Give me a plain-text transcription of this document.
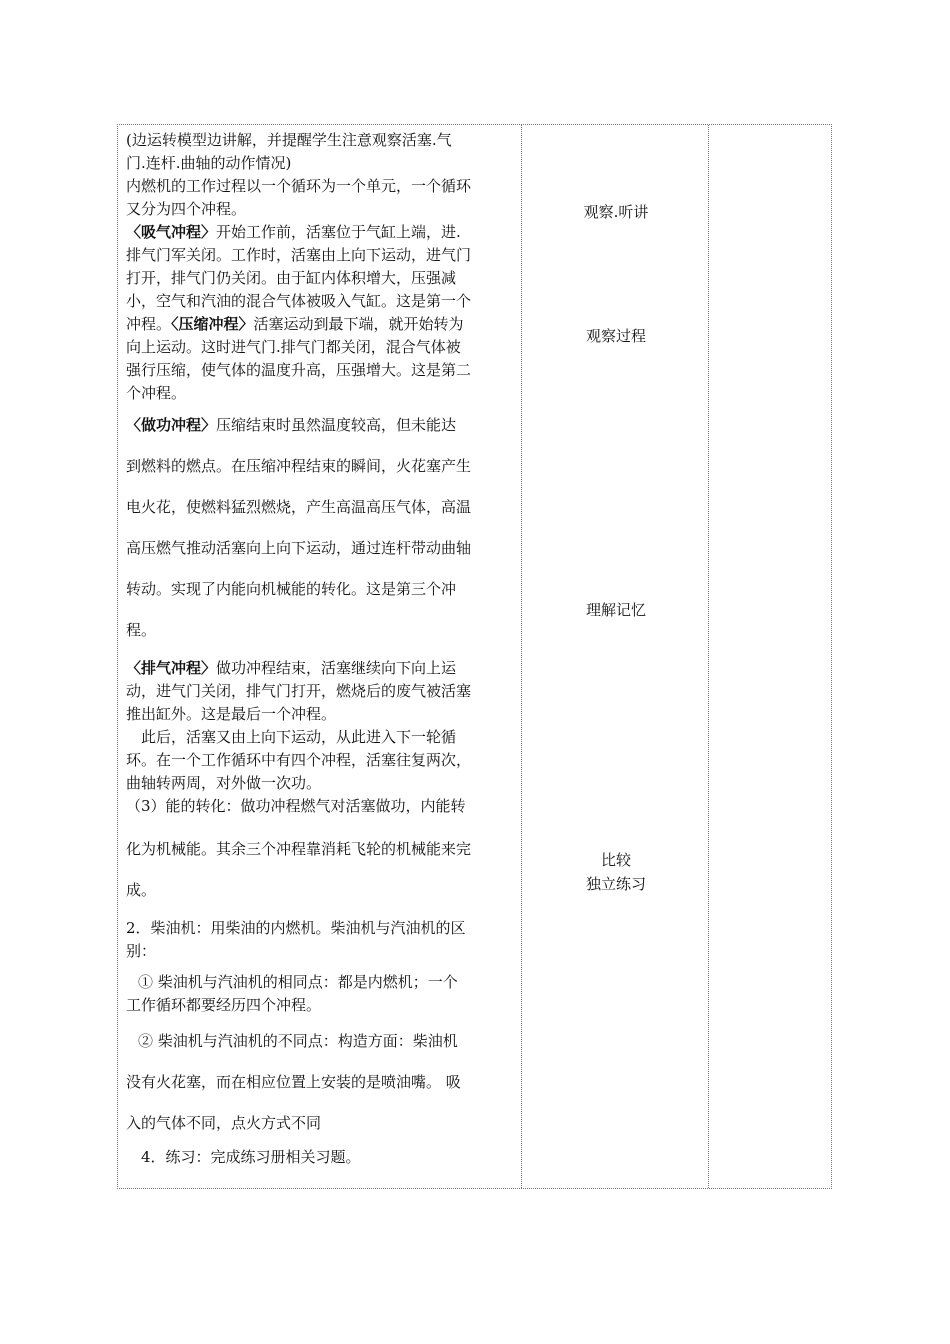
(边运转模型边讲解，并提醒学生注意观察活塞.气
门.连杆.曲轴的动作情况)
内燃机的工作过程以一个循环为一个单元，一个循环
又分为四个冲程。
〈吸气冲程〉开始工作前，活塞位于气缸上端，进.
排气门军关闭。工作时，活塞由上向下运动，进气门
打开，排气门仍关闭。由于缸内体积增大，压强减
小，空气和汽油的混合气体被吸入气缸。这是第一个
冲程。〈压缩冲程〉活塞运动到最下端，就开始转为
向上运动。这时进气门.排气门都关闭，混合气体被
强行压缩，使气体的温度升高，压强增大。这是第二
个冲程。
〈做功冲程〉压缩结束时虽然温度较高，但未能达
到燃料的燃点。在压缩冲程结束的瞬间，火花塞产生
电火花，使燃料猛烈燃烧，产生高温高压气体，高温
高压燃气推动活塞向上向下运动，通过连杆带动曲轴
转动。实现了内能向机械能的转化。这是第三个冲
程。
〈排气冲程〉做功冲程结束，活塞继续向下向上运
动，进气门关闭，排气门打开，燃烧后的废气被活塞
推出缸外。这是最后一个冲程。
此后，活塞又由上向下运动，从此进入下一轮循
环。在一个工作循环中有四个冲程，活塞往复两次，
曲轴转两周，对外做一次功。
（3）能的转化：做功冲程燃气对活塞做功，内能转
化为机械能。其余三个冲程靠消耗飞轮的机械能来完
成。
2．柴油机：用柴油的内燃机。柴油机与汽油机的区
别：
① 柴油机与汽油机的相同点：都是内燃机；一个
工作循环都要经历四个冲程。
② 柴油机与汽油机的不同点：构造方面：柴油机
没有火花塞，而在相应位置上安装的是喷油嘴。 吸
入的气体不同，点火方式不同
4．练习：完成练习册相关习题。
观察.听讲
观察过程
理解记忆
比较
独立练习
